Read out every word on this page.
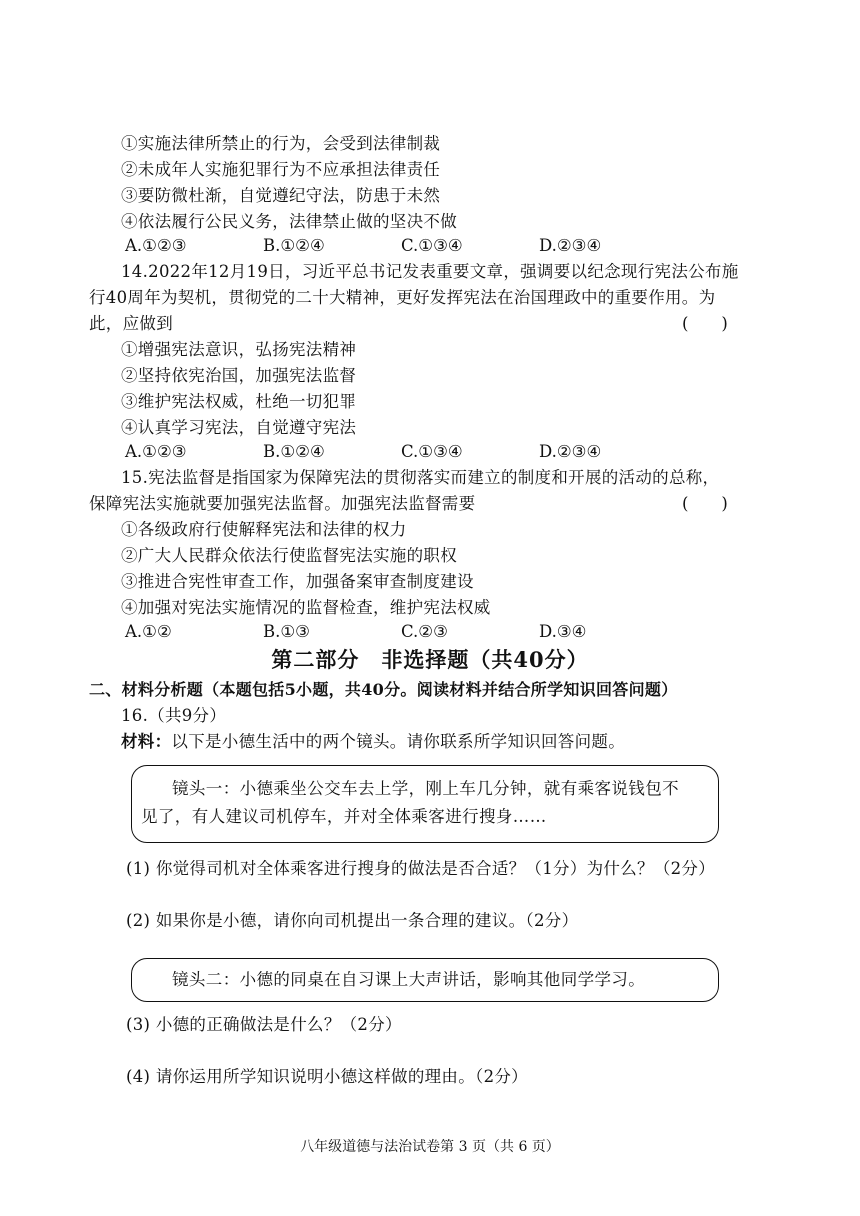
①实施法律所禁止的行为，会受到法律制裁
②未成年人实施犯罪行为不应承担法律责任
③要防微杜渐，自觉遵纪守法，防患于未然
④依法履行公民义务，法律禁止做的坚决不做
A.①②③	B.①②④	C.①③④	D.②③④
14.2022年12月19日，习近平总书记发表重要文章，强调要以纪念现行宪法公布施
行40周年为契机，贯彻党的二十大精神，更好发挥宪法在治国理政中的重要作用。为
此，应做到	(　　)
①增强宪法意识，弘扬宪法精神
②坚持依宪治国，加强宪法监督
③维护宪法权威，杜绝一切犯罪
④认真学习宪法，自觉遵守宪法
A.①②③	B.①②④	C.①③④	D.②③④
15.宪法监督是指国家为保障宪法的贯彻落实而建立的制度和开展的活动的总称，
保障宪法实施就要加强宪法监督。加强宪法监督需要	(　　)
①各级政府行使解释宪法和法律的权力
②广大人民群众依法行使监督宪法实施的职权
③推进合宪性审查工作，加强备案审查制度建设
④加强对宪法实施情况的监督检查，维护宪法权威
A.①②	B.①③	C.②③	D.③④
第二部分　非选择题（共40分）
二、材料分析题（本题包括5小题，共40分。阅读材料并结合所学知识回答问题）
16.（共9分）
材料：以下是小德生活中的两个镜头。请你联系所学知识回答问题。
镜头一：小德乘坐公交车去上学，刚上车几分钟，就有乘客说钱包不
见了，有人建议司机停车，并对全体乘客进行搜身……
(1) 你觉得司机对全体乘客进行搜身的做法是否合适？（1分）为什么？（2分）
(2) 如果你是小德，请你向司机提出一条合理的建议。（2分）
镜头二：小德的同桌在自习课上大声讲话，影响其他同学学习。
(3) 小德的正确做法是什么？（2分）
(4) 请你运用所学知识说明小德这样做的理由。（2分）
八年级道德与法治试卷第 3 页（共 6 页）
